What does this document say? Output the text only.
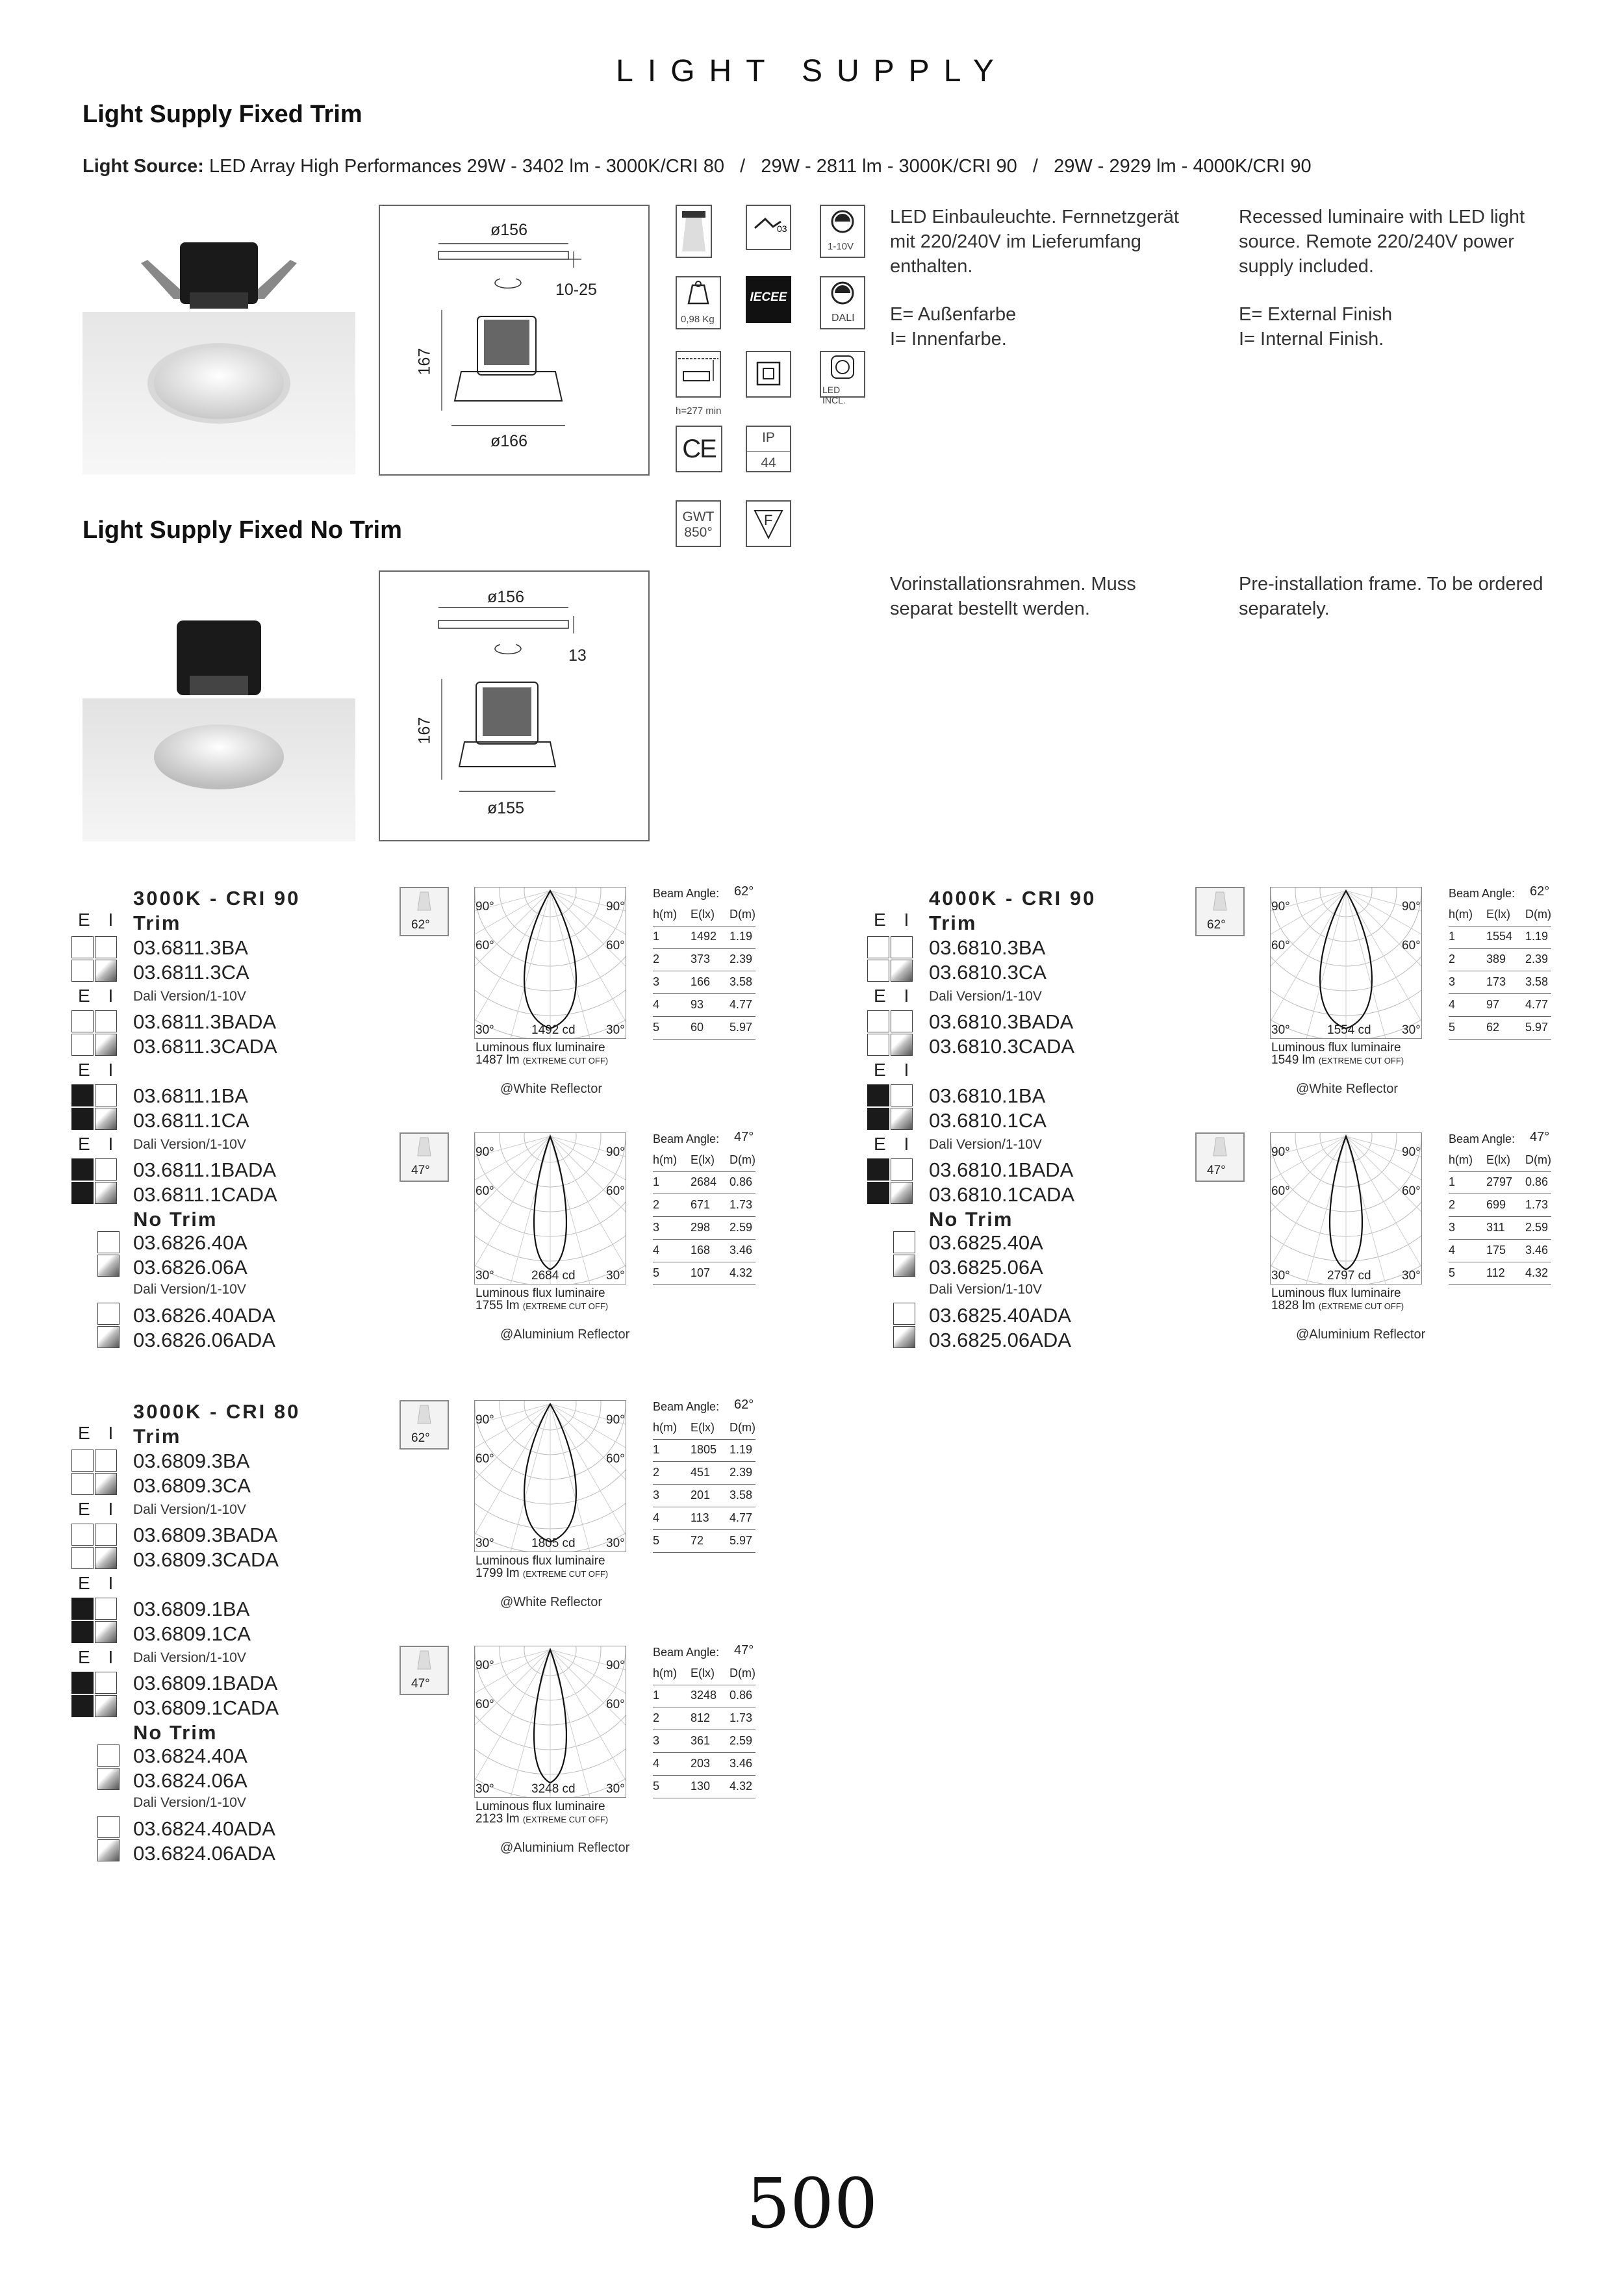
LIGHT SUPPLY
Light Supply Fixed Trim
Light Source: LED Array High Performances 29W - 3402 lm - 3000K/CRI 80   /   29W - 2811 lm - 3000K/CRI 90   /   29W - 2929 lm - 4000K/CRI 90
ø156
10-25
167
ø166
03
1-10V
0,98 Kg
IECEE
DALI
h=277 min
LED INCL.
CE	IP
44
GWT
850°
F
LED Einbauleuchte. Fernnetzgerät
mit 220/240V im Lieferumfang
enthalten.
E= Außenfarbe
I= Innenfarbe.
Recessed luminaire with LED light
source. Remote 220/240V power
supply included.
E= External Finish
I= Internal Finish.
Light Supply Fixed No Trim
ø156
13
167
ø155
Vorinstallationsrahmen. Muss
separat bestellt werden.
Pre-installation frame. To be ordered
separately.
3000K - CRI 90
E I Trim
03.6811.3BA
03.6811.3CA
03.6811.3BADA
03.6811.3CADA
03.6811.1BA
03.6811.1CA
03.6811.1BADA
03.6811.1CADA
E I Dali Version/1-10V
E I
E I Dali Version/1-10V
No Trim
03.6826.40A
03.6826.06A
Dali Version/1-10V
03.6826.40ADA
03.6826.06ADA
62°
90°	90°
60°	60°
30°	30°
1492 cd
Luminous flux luminaire
1487 lm (EXTREME CUT OFF)
@White Reflector
Beam Angle: 62°
h(m) E(lx) D(m)
1	1492 1.19
2	373 2.39
3	166 3.58
4	93 4.77
5	60 5.97
47°
90°	90°
60°	60°
30°	30°
2684 cd
Luminous flux luminaire
1755 lm (EXTREME CUT OFF)
@Aluminium Reflector
Beam Angle: 47°
h(m) E(lx) D(m)
1	2684 0.86
2	671 1.73
3	298 2.59
4	168 3.46
5	107 4.32
4000K - CRI 90
E I Trim
03.6810.3BA
03.6810.3CA
03.6810.3BADA
03.6810.3CADA
03.6810.1BA
03.6810.1CA
03.6810.1BADA
03.6810.1CADA
E I Dali Version/1-10V
E I
E I Dali Version/1-10V
No Trim
03.6825.40A
03.6825.06A
Dali Version/1-10V
03.6825.40ADA
03.6825.06ADA
62°
90°	90°
60°	60°
30°	30°
1554 cd
Luminous flux luminaire
1549 lm (EXTREME CUT OFF)
@White Reflector
Beam Angle: 62°
h(m) E(lx) D(m)
1	1554 1.19
2	389 2.39
3	173 3.58
4	97 4.77
5	62 5.97
47°
90°	90°
60°	60°
30°	30°
2797 cd
Luminous flux luminaire
1828 lm (EXTREME CUT OFF)
@Aluminium Reflector
Beam Angle: 47°
h(m) E(lx) D(m)
1	2797 0.86
2	699 1.73
3	311 2.59
4	175 3.46
5	112 4.32
3000K - CRI 80
E I Trim
03.6809.3BA
03.6809.3CA
03.6809.3BADA
03.6809.3CADA
03.6809.1BA
03.6809.1CA
03.6809.1BADA
03.6809.1CADA
E I Dali Version/1-10V
E I
E I Dali Version/1-10V
No Trim
03.6824.40A
03.6824.06A
Dali Version/1-10V
03.6824.40ADA
03.6824.06ADA
62°
90°	90°
60°	60°
30°	30°
1805 cd
Luminous flux luminaire
1799 lm (EXTREME CUT OFF)
@White Reflector
Beam Angle: 62°
h(m) E(lx) D(m)
1	1805 1.19
2	451 2.39
3	201 3.58
4	113 4.77
5	72 5.97
47°
90°	90°
60°	60°
30°	30°
3248 cd
Luminous flux luminaire
2123 lm (EXTREME CUT OFF)
@Aluminium Reflector
Beam Angle: 47°
h(m) E(lx) D(m)
1	3248 0.86
2	812 1.73
3	361 2.59
4	203 3.46
5	130 4.32
500
